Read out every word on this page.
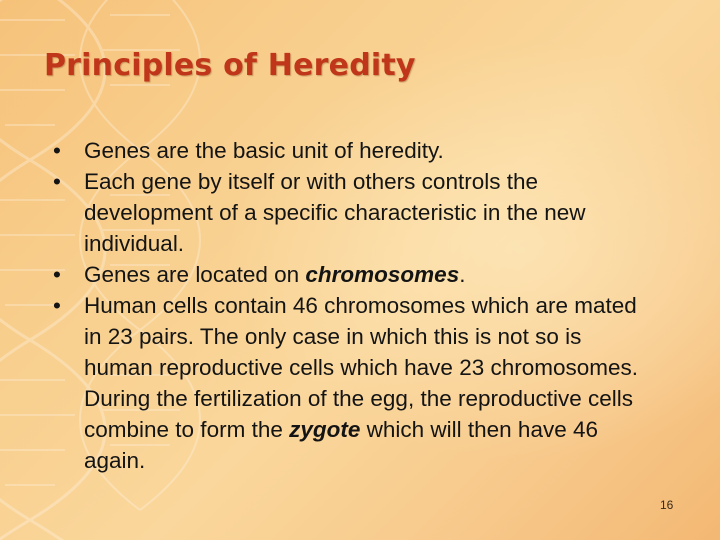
Principles of Heredity
•	Genes are the basic unit of heredity.
•	Each gene by itself or with others controls the development of a specific characteristic in the new individual.
•	Genes are located on chromosomes.
•	Human cells contain 46 chromosomes which are mated in 23 pairs. The only case in which this is not so is human reproductive cells which have 23 chromosomes. During the fertilization of the egg, the reproductive cells combine to form the zygote which will then have 46 again.
16
